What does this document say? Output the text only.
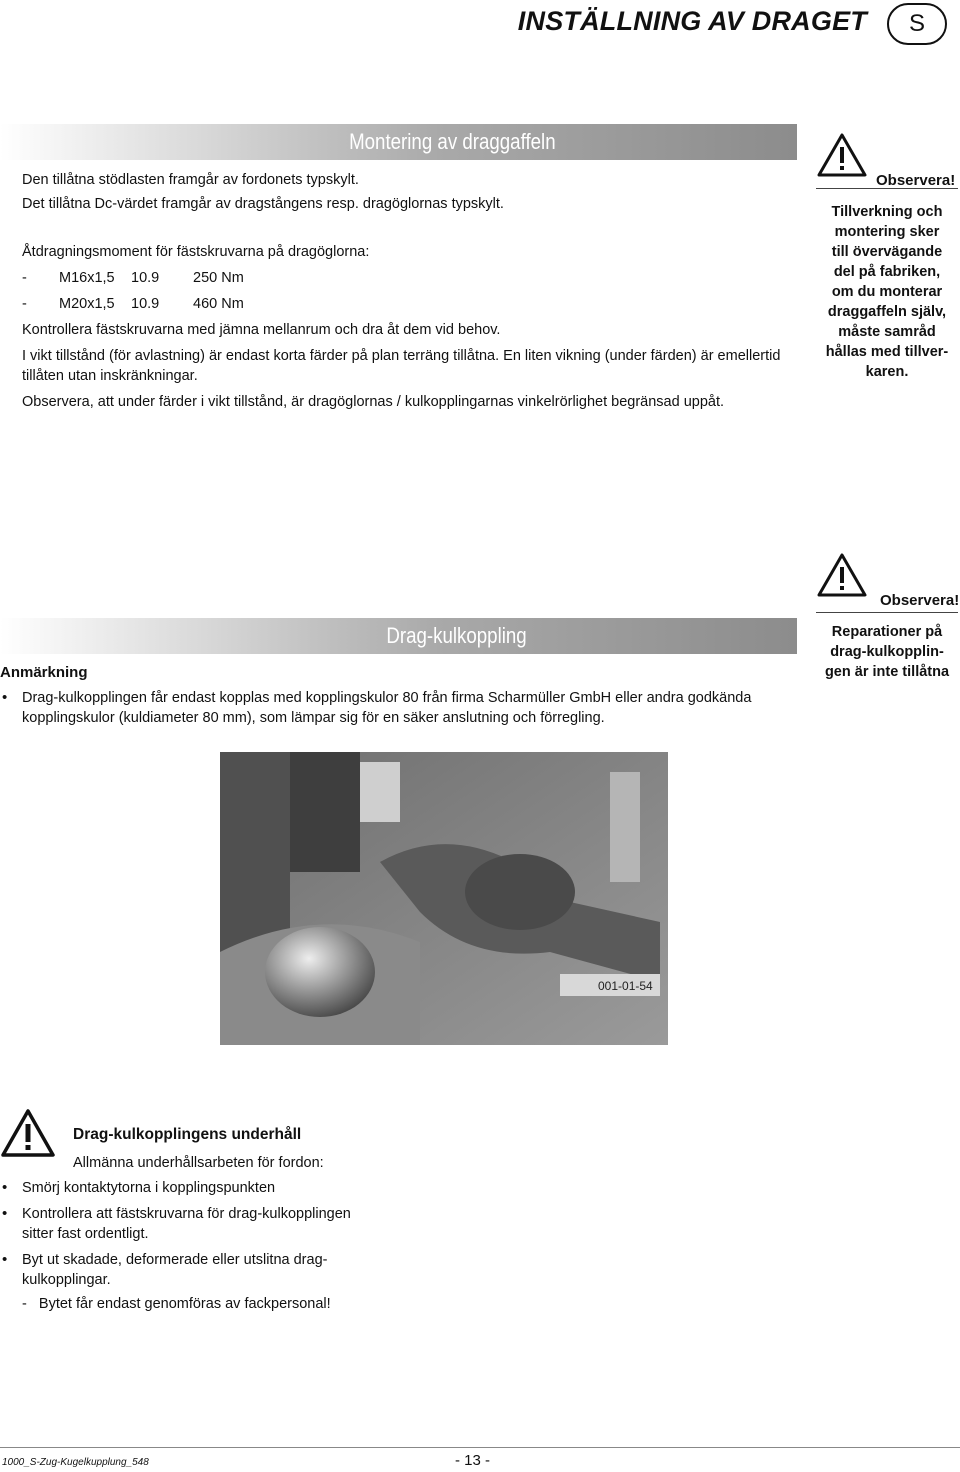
INSTÄLLNING AV DRAGET	S
Montering av draggaffeln
Den tillåtna stödlasten framgår av fordonets typskylt.
Det tillåtna Dc-värdet framgår av dragstångens resp. dragöglornas typskylt.
Åtdragningsmoment för fästskruvarna på dragöglorna:
-	M16x1,5	10.9	250 Nm
-	M20x1,5	10.9	460 Nm
Kontrollera fästskruvarna med jämna mellanrum och dra åt dem vid behov.
I vikt tillstånd (för avlastning) är endast korta färder på plan terräng tillåtna. En liten vikning (under färden) är emellertid tillåten utan inskränkningar.
Observera, att under färder i vikt tillstånd, är dragöglornas / kulkopplingarnas vinkelrörlighet begränsad uppåt.
Observera!
Tillverkning och
montering sker
till övervägande
del på fabriken,
om du monterar
draggaffeln själv,
måste samråd
hållas med tillver-
karen.
Observera!
Reparationer på
drag-kulkopplin-
gen är inte tillåtna
Drag-kulkoppling
Anmärkning
• Drag-kulkopplingen får endast kopplas med kopplingskulor 80 från firma Scharmüller GmbH eller andra godkända kopplingskulor (kuldiameter 80 mm), som lämpar sig för en säker anslutning och förregling.
001-01-54
Drag-kulkopplingens underhåll
Allmänna underhållsarbeten för fordon:
• Smörj kontaktytorna i kopplingspunkten
• Kontrollera att fästskruvarna för drag-kulkopplingen sitter fast ordentligt.
• Byt ut skadade, deformerade eller utslitna drag-kulkopplingar.
-   Bytet får endast genomföras av fackpersonal!
1000_S-Zug-Kugelkupplung_548	- 13 -
